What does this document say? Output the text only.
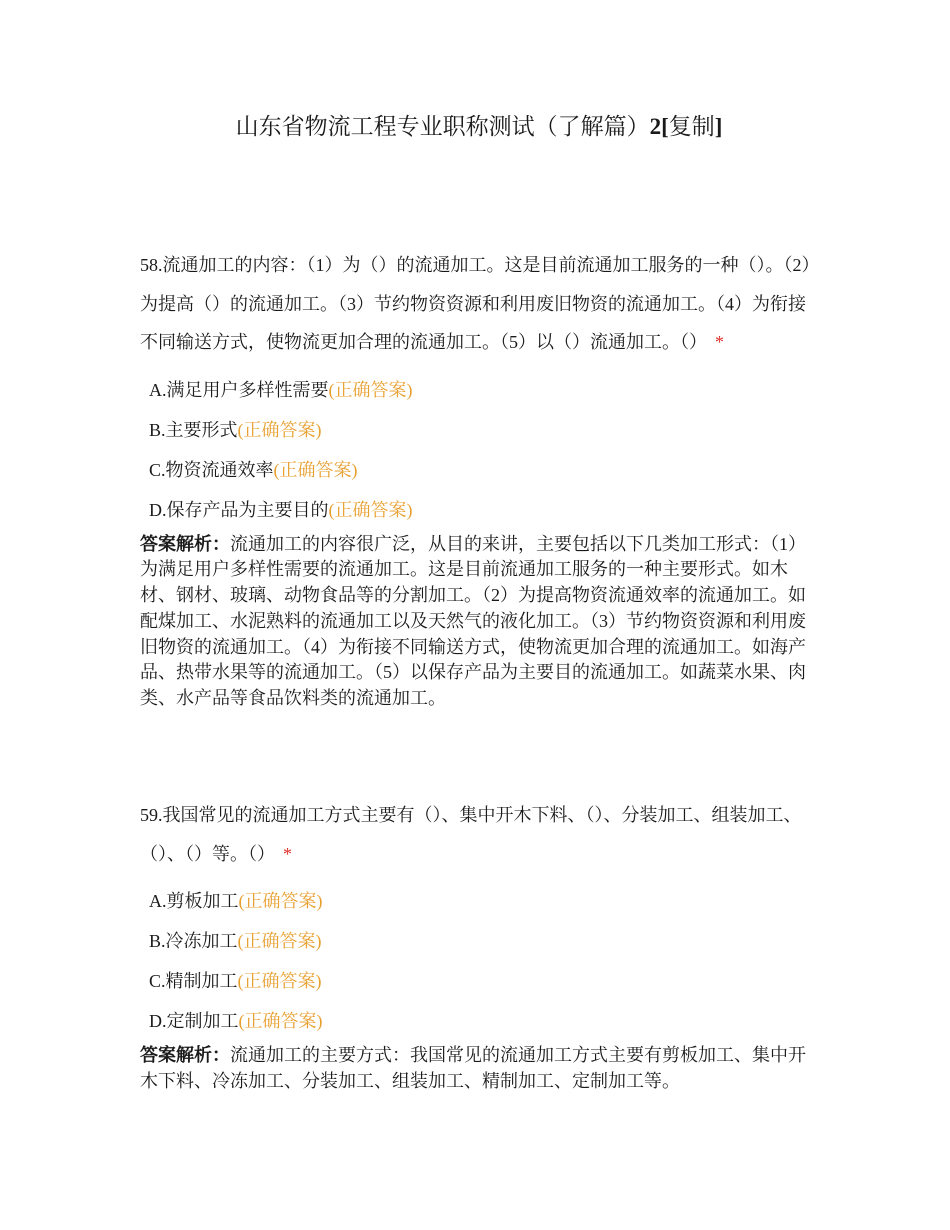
山东省物流工程专业职称测试（了解篇）2[复制]

58.流通加工的内容：（1）为（）的流通加工。这是目前流通加工服务的一种（）。（2）为提高（）的流通加工。（3）节约物资资源和利用废旧物资的流通加工。（4）为衔接不同输送方式，使物流更加合理的流通加工。（5）以（）流通加工。（） *

A.满足用户多样性需要(正确答案)
B.主要形式(正确答案)
C.物资流通效率(正确答案)
D.保存产品为主要目的(正确答案)

答案解析：流通加工的内容很广泛，从目的来讲，主要包括以下几类加工形式：（1）为满足用户多样性需要的流通加工。这是目前流通加工服务的一种主要形式。如木材、钢材、玻璃、动物食品等的分割加工。（2）为提高物资流通效率的流通加工。如配煤加工、水泥熟料的流通加工以及天然气的液化加工。（3）节约物资资源和利用废旧物资的流通加工。（4）为衔接不同输送方式，使物流更加合理的流通加工。如海产品、热带水果等的流通加工。（5）以保存产品为主要目的流通加工。如蔬菜水果、肉类、水产品等食品饮料类的流通加工。

59.我国常见的流通加工方式主要有（）、集中开木下料、（）、分装加工、组装加工、（）、（）等。（） *

A.剪板加工(正确答案)
B.冷冻加工(正确答案)
C.精制加工(正确答案)
D.定制加工(正确答案)

答案解析：流通加工的主要方式：我国常见的流通加工方式主要有剪板加工、集中开木下料、冷冻加工、分装加工、组装加工、精制加工、定制加工等。
